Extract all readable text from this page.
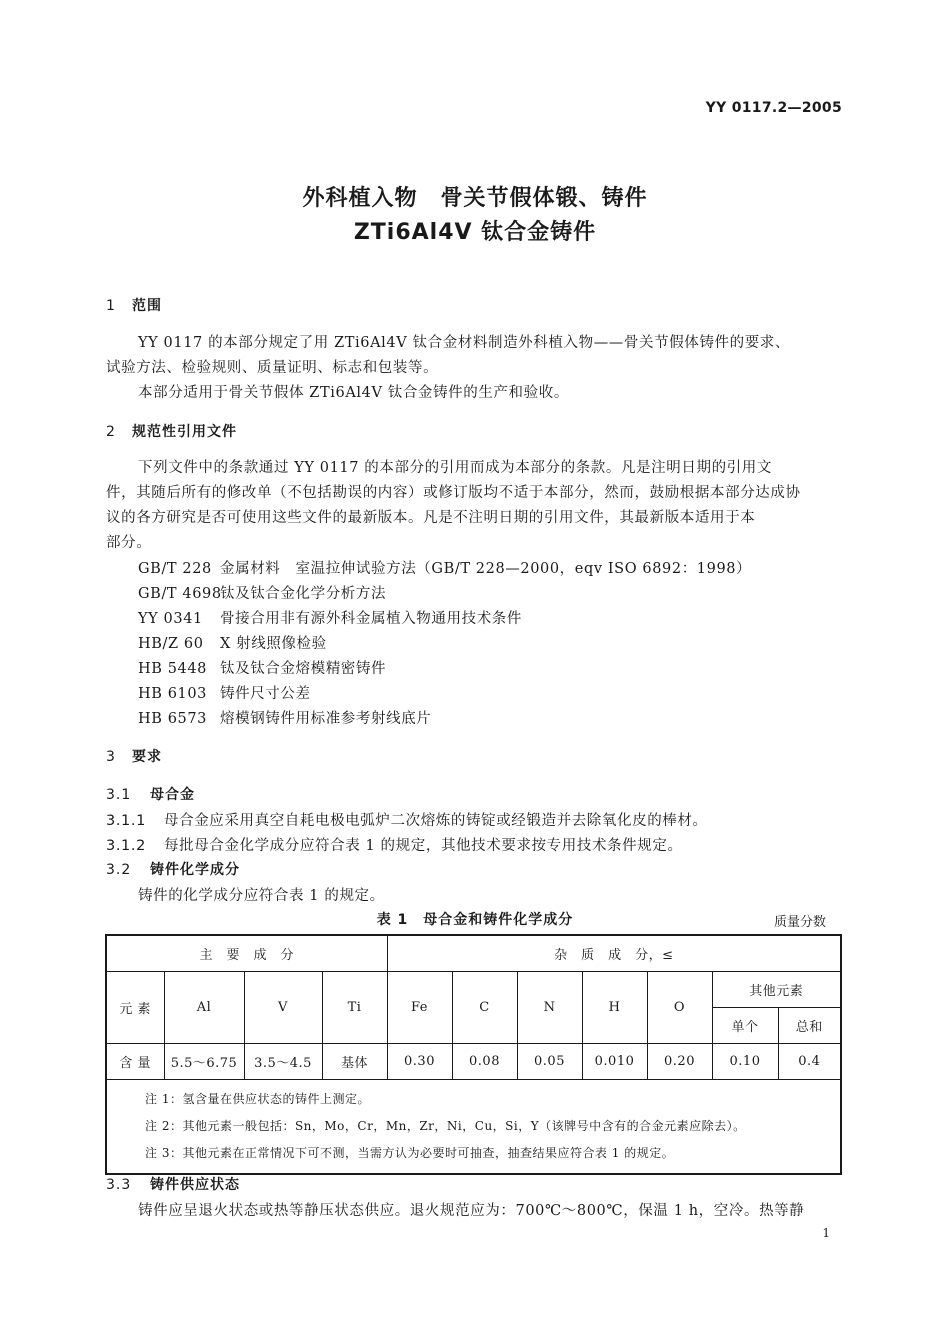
YY 0117.2—2005
外科植入物　骨关节假体锻、铸件
ZTi6Al4V 钛合金铸件
1 范围
YY 0117 的本部分规定了用 ZTi6Al4V 钛合金材料制造外科植入物——骨关节假体铸件的要求、
试验方法、检验规则、质量证明、标志和包装等。
本部分适用于骨关节假体 ZTi6Al4V 钛合金铸件的生产和验收。
2 规范性引用文件
下列文件中的条款通过 YY 0117 的本部分的引用而成为本部分的条款。凡是注明日期的引用文
件，其随后所有的修改单（不包括勘误的内容）或修订版均不适于本部分，然而，鼓励根据本部分达成协
议的各方研究是否可使用这些文件的最新版本。凡是不注明日期的引用文件，其最新版本适用于本
部分。
GB/T 228 金属材料　室温拉伸试验方法（GB/T 228—2000，eqv ISO 6892：1998）
GB/T 4698钛及钛合金化学分析方法
YY 0341 骨接合用非有源外科金属植入物通用技术条件
HB/Z 60 X 射线照像检验
HB 5448 钛及钛合金熔模精密铸件
HB 6103 铸件尺寸公差
HB 6573 熔模钢铸件用标准参考射线底片
3 要求
3.1 母合金
3.1.1 母合金应采用真空自耗电极电弧炉二次熔炼的铸锭或经锻造并去除氧化皮的棒材。
3.1.2 每批母合金化学成分应符合表 1 的规定，其他技术要求按专用技术条件规定。
3.2 铸件化学成分
铸件的化学成分应符合表 1 的规定。
表 1　母合金和铸件化学成分	质量分数
主　要　成　分				杂　质　成　分，≤						
元 素	Al	V	Ti	Fe	C	N	H	O	其他元素	
									单个	总和
含 量	5.5～6.75	3.5～4.5	基体	0.30	0.08	0.05	0.010	0.20	0.10	0.4

注 1：氢含量在供应状态的铸件上测定。
注 2：其他元素一般包括：Sn，Mo，Cr，Mn，Zr，Ni，Cu，Si，Y（该牌号中含有的合金元素应除去）。
注 3：其他元素在正常情况下可不测，当需方认为必要时可抽查，抽查结果应符合表 1 的规定。										
3.3 铸件供应状态
铸件应呈退火状态或热等静压状态供应。退火规范应为：700℃～800℃，保温 1 h，空冷。热等静
1
